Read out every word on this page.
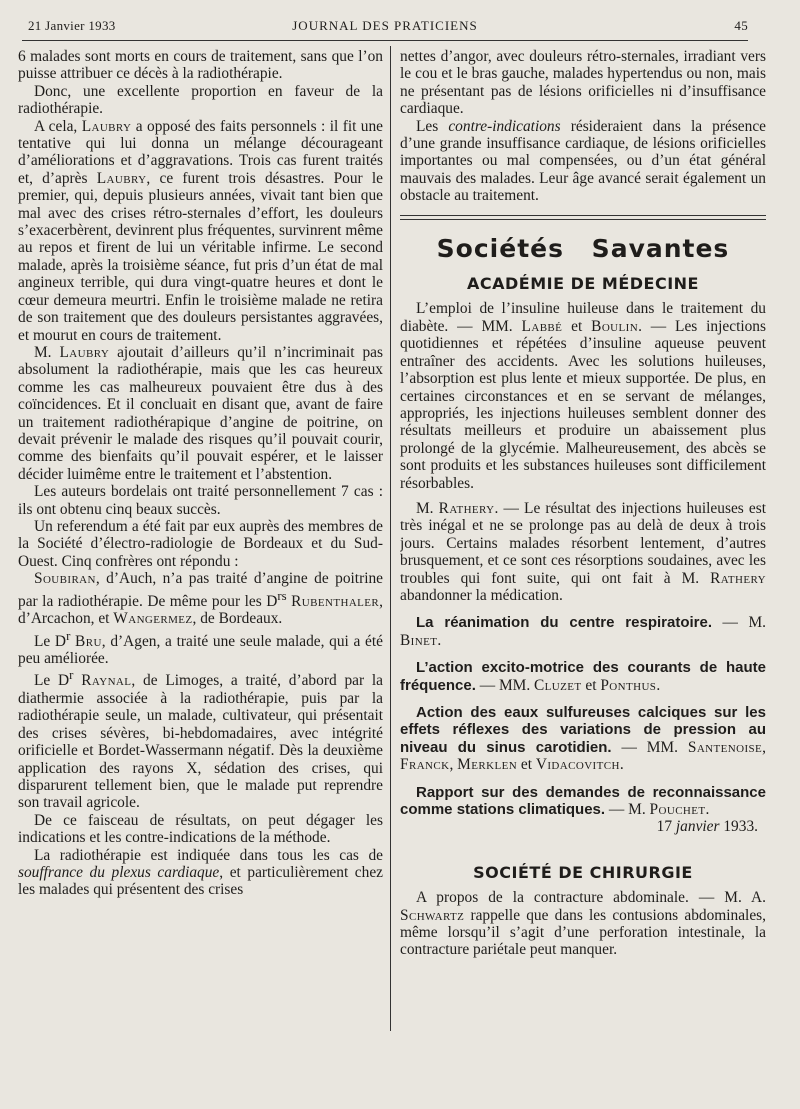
21 Janvier 1933	JOURNAL DES PRATICIENS	45

6 malades sont morts en cours de traitement, sans que l’on puisse attribuer ce décès à la radiothérapie.

Donc, une excellente proportion en faveur de la radiothérapie.

A cela, Laubry a opposé des faits personnels : il fit une tentative qui lui donna un mélange décourageant d’améliorations et d’aggravations. Trois cas furent traités et, d’après Laubry, ce furent trois désastres. Pour le premier, qui, depuis plusieurs années, vivait tant bien que mal avec des crises rétro-sternales d’effort, les douleurs s’exacerbèrent, devinrent plus fréquentes, survinrent même au repos et firent de lui un véritable infirme. Le second malade, après la troisième séance, fut pris d’un état de mal angineux terrible, qui dura vingt-quatre heures et dont le cœur demeura meurtri. Enfin le troisième malade ne retira de son traitement que des douleurs persistantes aggravées, et mourut en cours de traitement.

M. Laubry ajoutait d’ailleurs qu’il n’incriminait pas absolument la radiothérapie, mais que les cas heureux comme les cas malheureux pouvaient être dus à des coïncidences. Et il concluait en disant que, avant de faire un traitement radiothérapique d’angine de poitrine, on devait prévenir le malade des risques qu’il pouvait courir, comme des bienfaits qu’il pouvait espérer, et le laisser décider luimême entre le traitement et l’abstention.

Les auteurs bordelais ont traité personnellement 7 cas : ils ont obtenu cinq beaux succès.

Un referendum a été fait par eux auprès des membres de la Société d’électro-radiologie de Bordeaux et du Sud-Ouest. Cinq confrères ont répondu :

Soubiran, d’Auch, n’a pas traité d’angine de poitrine par la radiothérapie. De même pour les $D^{rs}$ Rubenthaler, d’Arcachon, et Wangermez, de Bordeaux.

Le $D^r$ Bru, d’Agen, a traité une seule malade, qui a été peu améliorée.

Le $D^r$ Raynal, de Limoges, a traité, d’abord par la diathermie associée à la radiothérapie, puis par la radiothérapie seule, un malade, cultivateur, qui présentait des crises sévères, bi-hebdomadaires, avec intégrité orificielle et Bordet-Wassermann négatif. Dès la deuxième application des rayons X, sédation des crises, qui disparurent tellement bien, que le malade put reprendre son travail agricole.

De ce faisceau de résultats, on peut dégager les indications et les contre-indications de la méthode.

La radiothérapie est indiquée dans tous les cas de souffrance du plexus cardiaque, et particulièrement chez les malades qui présentent des crises

nettes d’angor, avec douleurs rétro-sternales, irradiant vers le cou et le bras gauche, malades hypertendus ou non, mais ne présentant pas de lésions orificielles ni d’insuffisance cardiaque.

Les contre-indications résideraient dans la présence d’une grande insuffisance cardiaque, de lésions orificielles importantes ou mal compensées, ou d’un état général mauvais des malades. Leur âge avancé serait également un obstacle au traitement.

Sociétés Savantes
ACADÉMIE DE MÉDECINE

L’emploi de l’insuline huileuse dans le traitement du diabète. — MM. Labbé et Boulin. — Les injections quotidiennes et répétées d’insuline aqueuse peuvent entraîner des accidents. Avec les solutions huileuses, l’absorption est plus lente et mieux supportée. De plus, en certaines circonstances et en se servant de mélanges, appropriés, les injections huileuses semblent donner des résultats meilleurs et produire un abaissement plus prolongé de la glycémie. Malheureusement, des abcès se sont produits et les substances huileuses sont difficilement résorbables.

M. Rathery. — Le résultat des injections huileuses est très inégal et ne se prolonge pas au delà de deux à trois jours. Certains malades résorbent lentement, d’autres brusquement, et ce sont ces résorptions soudaines, avec les troubles qui font suite, qui ont fait à M. Rathery abandonner la médication.

La réanimation du centre respiratoire. — M. Binet.

L’action excito-motrice des courants de haute fréquence. — MM. Cluzet et Ponthus.

Action des eaux sulfureuses calciques sur les effets réflexes des variations de pression au niveau du sinus carotidien. — MM. Santenoise, Franck, Merklen et Vidacovitch.

Rapport sur des demandes de reconnaissance comme stations climatiques. — M. Pouchet.

17 janvier 1933.
SOCIÉTÉ DE CHIRURGIE

A propos de la contracture abdominale. — M. A. Schwartz rappelle que dans les contusions abdominales, même lorsqu’il s’agit d’une perforation intestinale, la contracture pariétale peut manquer.
